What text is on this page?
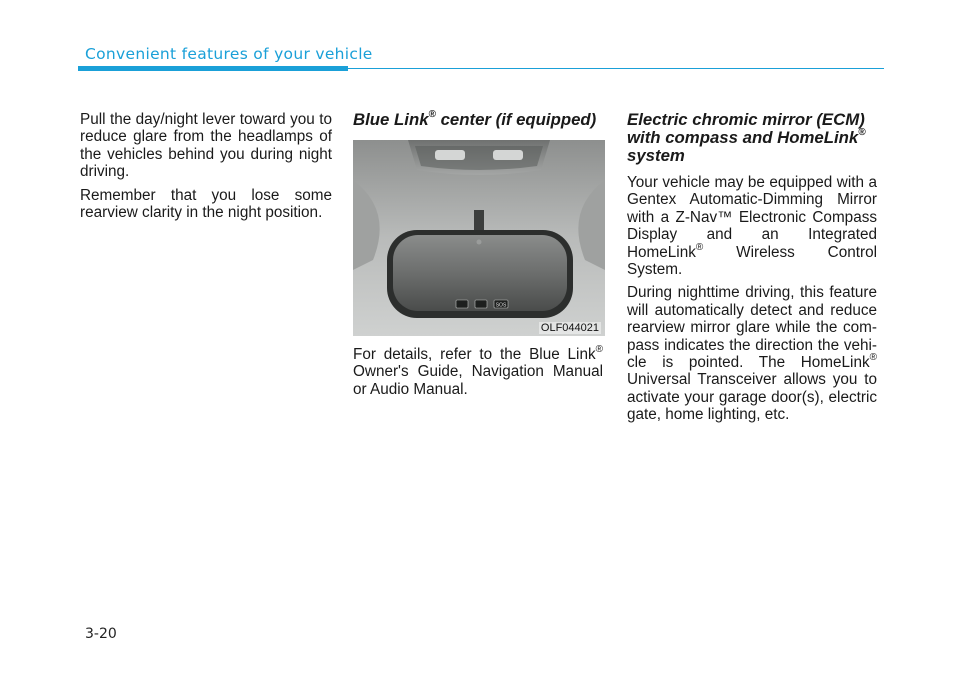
Convenient features of your vehicle

Pull the day/night lever toward you to reduce glare from the headlamps of the vehicles behind you during night driving.

Remember that you lose some rearview clarity in the night position.

Blue Link® center (if equipped)
SOS
OLF044021

For details, refer to the Blue Link® Owner's Guide, Navigation Manual or Audio Manual.

Electric chromic mirror (ECM) with compass and HomeLink® system

Your vehicle may be equipped with a Gentex Automatic-Dimming Mirror with a Z-Nav™ Electronic Compass Display and an Integrated HomeLink® Wireless Control System.

During nighttime driving, this feature will automatically detect and reduce rearview mirror glare while the com-pass indicates the direction the vehi-cle is pointed. The HomeLink® Universal Transceiver allows you to activate your garage door(s), electric gate, home lighting, etc.

3-20
